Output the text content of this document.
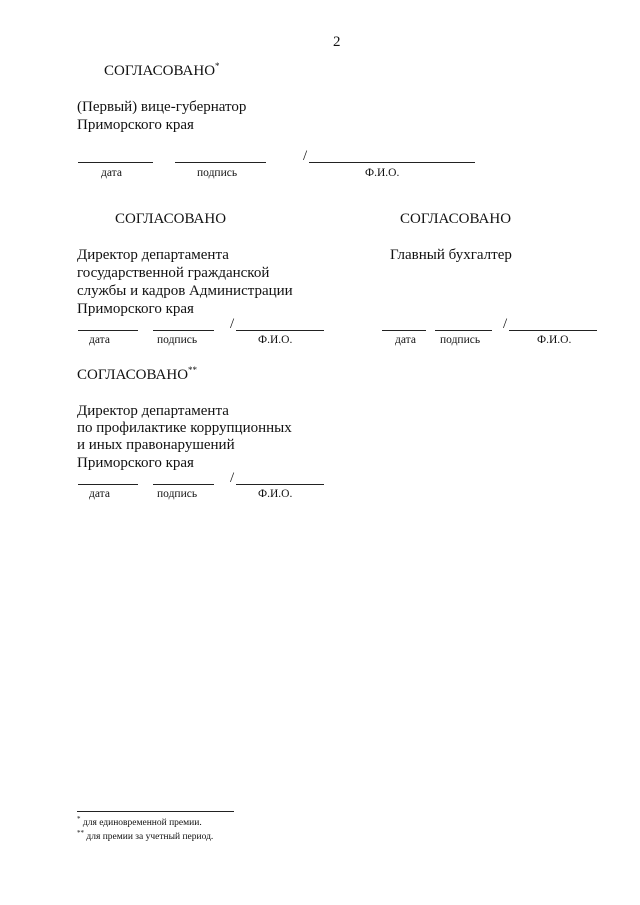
2
СОГЛАСОВАНО*
(Первый) вице-губернатор
Приморского края
/
дата	подпись	Ф.И.О.
СОГЛАСОВАНО
Директор департамента
государственной гражданской
службы и кадров Администрации
Приморского края
/
дата	подпись	Ф.И.О.
СОГЛАСОВАНО
Главный бухгалтер
/
дата подпись	Ф.И.О.
СОГЛАСОВАНО**
Директор департамента
по профилактике коррупционных
и иных правонарушений
Приморского края
/
дата	подпись	Ф.И.О.
* для единовременной премии.
** для премии за учетный период.
